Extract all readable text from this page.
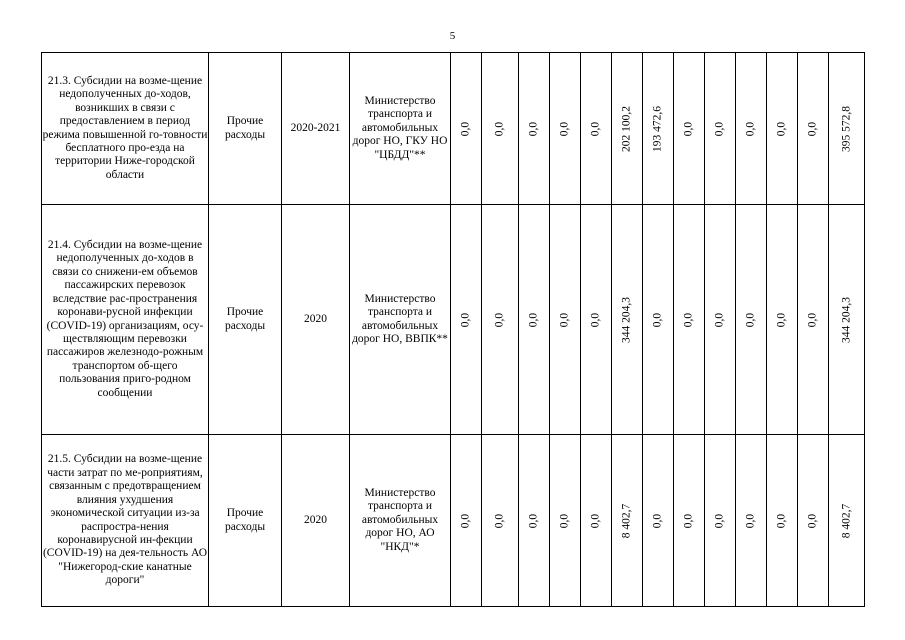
5
21.3. Субсидии на возме-щение недополученных до-ходов, возникших в связи с предоставлением в период режима повышенной го-товности бесплатного про-езда на территории Ниже-городской области	Прочие расходы	2020-2021	Министерство транспорта и автомобильных дорог НО, ГКУ НО "ЦБДД"**	0,0	0,0	0,0	0,0	0,0	202 100,2	193 472,6	0,0	0,0	0,0	0,0	0,0	395 572,8

21.4. Субсидии на возме-щение недополученных до-ходов в связи со снижени-ем объемов пассажирских перевозок вследствие рас-пространения коронави-русной инфекции (COVID-19) организациям, осу-ществляющим перевозки пассажиров железнодо-рожным транспортом об-щего пользования приго-родном сообщении	Прочие расходы	2020	Министерство транспорта и автомобильных дорог НО, ВВПК**	0,0	0,0	0,0	0,0	0,0	344 204,3	0,0	0,0	0,0	0,0	0,0	0,0	344 204,3

21.5. Субсидии на возме-щение части затрат по ме-роприятиям, связанным с предотвращением влияния ухудшения экономической ситуации из-за распростра-нения коронавирусной ин-фекции (COVID-19) на дея-тельность АО "Нижегород-ские канатные дороги"	Прочие расходы	2020	Министерство транспорта и автомобильных дорог НО, АО "НКД"*	0,0	0,0	0,0	0,0	0,0	8 402,7	0,0	0,0	0,0	0,0	0,0	0,0	8 402,7
